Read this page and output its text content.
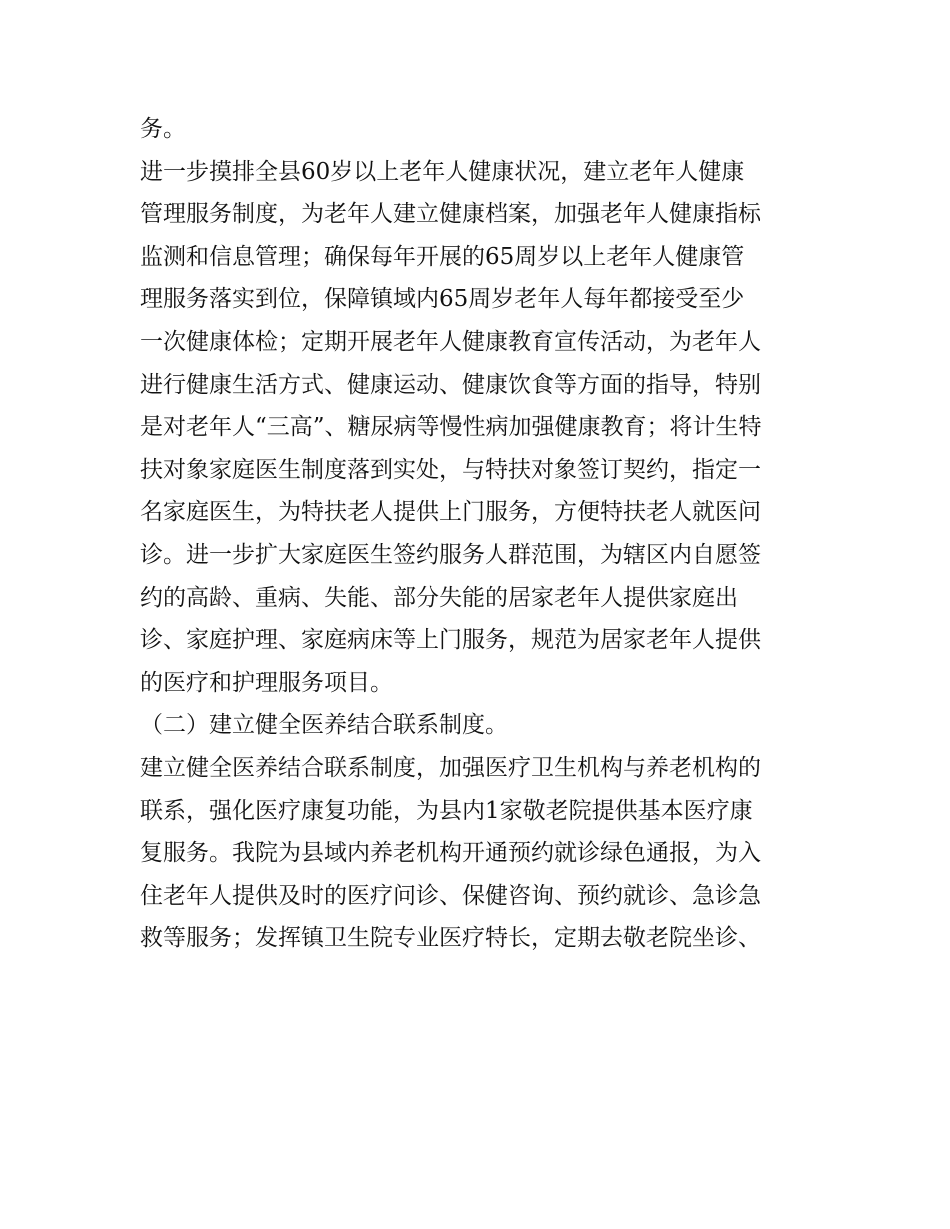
务。
进一步摸排全县60岁以上老年人健康状况，建立老年人健康
管理服务制度，为老年人建立健康档案，加强老年人健康指标
监测和信息管理；确保每年开展的65周岁以上老年人健康管
理服务落实到位，保障镇域内65周岁老年人每年都接受至少
一次健康体检；定期开展老年人健康教育宣传活动，为老年人
进行健康生活方式、健康运动、健康饮食等方面的指导，特别
是对老年人“三高”、糖尿病等慢性病加强健康教育；将计生特
扶对象家庭医生制度落到实处，与特扶对象签订契约，指定一
名家庭医生，为特扶老人提供上门服务，方便特扶老人就医问
诊。进一步扩大家庭医生签约服务人群范围，为辖区内自愿签
约的高龄、重病、失能、部分失能的居家老年人提供家庭出
诊、家庭护理、家庭病床等上门服务，规范为居家老年人提供
的医疗和护理服务项目。
（二）建立健全医养结合联系制度。
建立健全医养结合联系制度，加强医疗卫生机构与养老机构的
联系，强化医疗康复功能，为县内1家敬老院提供基本医疗康
复服务。我院为县域内养老机构开通预约就诊绿色通报，为入
住老年人提供及时的医疗问诊、保健咨询、预约就诊、急诊急
救等服务；发挥镇卫生院专业医疗特长，定期去敬老院坐诊、
